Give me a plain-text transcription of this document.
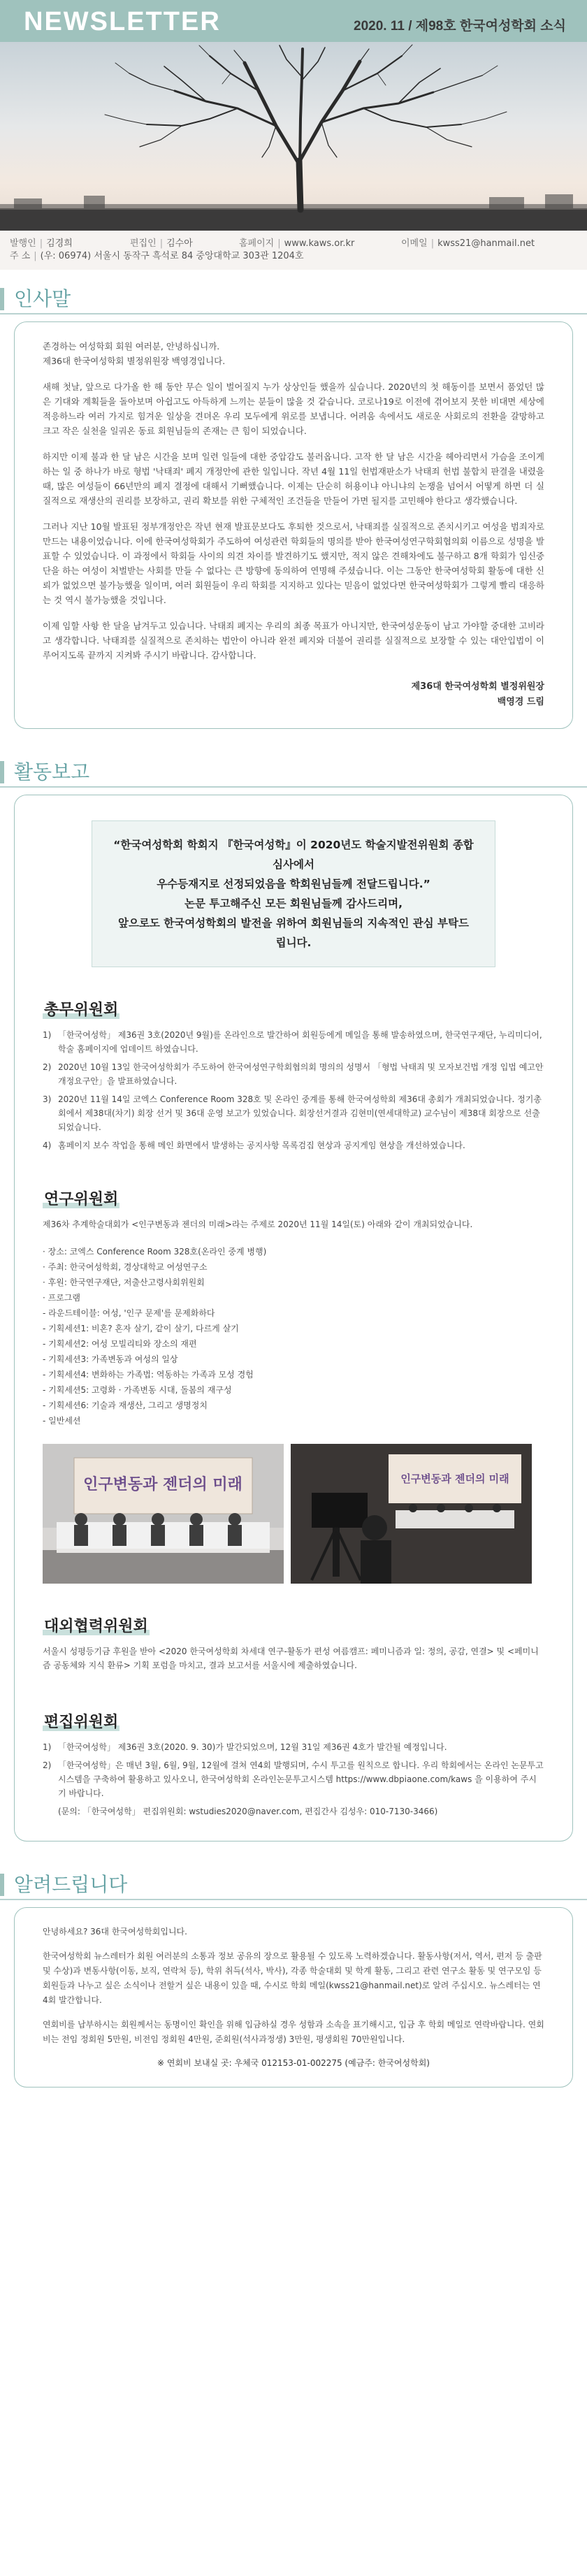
NEWSLETTER	2020. 11 / 제98호 한국여성학회 소식
발행인 | 김경희	편집인 | 김수아	홈페이지 | www.kaws.or.kr	이메일 | kwss21@hanmail.net
주 소 | (우: 06974) 서울시 동작구 흑석로 84 중앙대학교 303관 1204호
인사말

존경하는 여성학회 회원 여러분, 안녕하십니까.

제36대 한국여성학회 별정위원장 백영경입니다.

새해 첫날, 앞으로 다가올 한 해 동안 무슨 일이 벌어질지 누가 상상인들 했을까 싶습니다. 2020년의 첫 해동이를 보면서 품었던 많은 기대와 계획들을 돌아보며 아쉽고도 아득하게 느끼는 분들이 많을 것 같습니다. 코로나19로 이전에 겪어보지 못한 비대면 세상에 적응하느라 여러 가지로 힘겨운 일상을 견뎌온 우리 모두에게 위로를 보냅니다. 어려움 속에서도 새로운 사회로의 전환을 갈망하고 크고 작은 실천을 일궈온 동료 회원님들의 존재는 큰 힘이 되었습니다.

하지만 이제 불과 한 달 남은 시간을 보며 일련 일들에 대한 중압감도 불러옵니다. 고작 한 달 남은 시간을 헤아리면서 가슴을 조이게 하는 일 중 하나가 바로 형법 '낙태죄' 폐지 개정안에 관한 일입니다. 작년 4월 11일 헌법재판소가 낙태죄 헌법 불합치 판결을 내렸을 때, 많은 여성들이 66년만의 폐지 결정에 대해서 기뻐했습니다. 이제는 단순히 허용이냐 아니냐의 논쟁을 넘어서 어떻게 하면 더 실질적으로 재생산의 권리를 보장하고, 권리 확보를 위한 구체적인 조건들을 만들어 가면 될지를 고민해야 한다고 생각했습니다.

그러나 지난 10월 발표된 정부개정안은 작년 현재 발표문보다도 후퇴한 것으로서, 낙태죄를 실질적으로 존치시키고 여성을 범죄자로 만드는 내용이었습니다. 이에 한국여성학회가 주도하여 여성관련 학회들의 명의를 받아 한국여성연구학회협의회 이름으로 성명을 발표할 수 있었습니다. 이 과정에서 학회들 사이의 의견 차이를 발견하기도 했지만, 적지 않은 견해차에도 불구하고 8개 학회가 임신중단을 하는 여성이 처벌받는 사회를 만들 수 없다는 큰 방향에 동의하여 연명해 주셨습니다. 이는 그동안 한국여성학회 활동에 대한 신뢰가 없었으면 불가능했을 일이며, 여러 회원들이 우리 학회를 지지하고 있다는 믿음이 없었다면 한국여성학회가 그렇게 빨리 대응하는 것 역시 불가능했을 것입니다.

이제 임할 사항 한 달을 남겨두고 있습니다. 낙태죄 폐지는 우리의 최종 목표가 아니지만, 한국여성운동이 남고 가야할 중대한 고비라고 생각합니다. 낙태죄를 실질적으로 존치하는 법안이 아니라 완전 폐지와 더불어 권리를 실질적으로 보장할 수 있는 대안입법이 이루어지도록 끝까지 지켜봐 주시기 바랍니다. 감사합니다.

제36대 한국여성학회 별정위원장
백영경 드림
활동보고
“한국여성학회 학회지 『한국여성학』이 2020년도 학술지발전위원회 종합심사에서
우수등재지로 선정되었음을 학회원님들께 전달드립니다.”
논문 투고해주신 모든 회원님들께 감사드리며,
앞으로도 한국여성학회의 발전을 위하여 회원님들의 지속적인 관심 부탁드립니다.
총무위원회
1) 「한국여성학」 제36권 3호(2020년 9월)를 온라인으로 발간하여 회원등에게 메일을 통해 발송하였으며, 한국연구재단, 누리미디어, 학술 홈페이지에 업데이트 하였습니다.
2) 2020년 10월 13일 한국여성학회가 주도하여 한국여성연구학회협의회 명의의 성명서 「형법 낙태죄 및 모자보건법 개정 입법 예고안 개정요구안」을 발표하였습니다.
3) 2020년 11월 14일 코엑스 Conference Room 328호 및 온라인 중계를 통해 한국여성학회 제36대 총회가 개최되었습니다. 정기총회에서 제38대(차기) 회장 선거 및 36대 운영 보고가 있었습니다. 회장선거결과 김현미(연세대학교) 교수님이 제38대 회장으로 선출되었습니다.
4) 홈페이지 보수 작업을 통해 메인 화면에서 발생하는 공지사항 목록검집 현상과 공지게임 현상을 개선하였습니다.
연구위원회
제36차 추계학술대회가 <인구변동과 젠더의 미래>라는 주제로 2020년 11월 14일(토) 아래와 같이 개최되었습니다.
· 장소: 코엑스 Conference Room 328호(온라인 중계 병행)
· 주최: 한국여성학회, 경상대학교 여성연구소
· 후원: 한국연구재단, 저출산고령사회위원회
· 프로그램
- 라운드테이블: 여성, '인구 문제'를 문제화하다
- 기획세션1: 비혼? 혼자 살기, 같이 살기, 다르게 살기
- 기획세션2: 여성 모빌리티와 장소의 재편
- 기획세션3: 가족변동과 여성의 일상
- 기획세션4: 변화하는 가족법: 역동하는 가족과 모성 경험
- 기획세션5: 고령화 · 가족변동 시대, 돌봄의 재구성
- 기획세션6: 기술과 재생산, 그리고 생명정치
- 일반세션
인구변동과 젠더의 미래	인구변동과 젠더의 미래
대외협력위원회
서울시 성평등기금 후원을 받아 <2020 한국여성학회 차세대 연구-활동가 편성 여름캠프: 페미니즘과 일: 정의, 공감, 연결> 및 <페미니즘 공동체와 지식 환류> 기획 포럼을 마치고, 결과 보고서를 서울시에 제출하였습니다.
편집위원회
1) 「한국여성학」 제36권 3호(2020. 9. 30)가 발간되었으며, 12월 31일 제36권 4호가 발간될 예정입니다.
2) 「한국여성학」은 매년 3월, 6월, 9월, 12월에 걸쳐 연4회 발행되며, 수시 투고를 원칙으로 합니다. 우리 학회에서는 온라인 논문투고시스템을 구축하여 활용하고 있사오니, 한국여성학회 온라인논문투고시스템 https://www.dbpiaone.com/kaws 을 이용하여 주시기 바랍니다.
(문의: 「한국여성학」 편집위원회: wstudies2020@naver.com, 편집간사 김성우: 010-7130-3466)
알려드립니다

안녕하세요? 36대 한국여성학회입니다.

한국여성학회 뉴스레터가 회원 여러분의 소통과 정보 공유의 장으로 활용될 수 있도록 노력하겠습니다. 활동사항(저서, 역서, 편저 등 출판 및 수상)과 변동사항(이동, 보직, 연락처 등), 학위 취득(석사, 박사), 각종 학술대회 및 학계 활동, 그리고 관련 연구소 활동 및 연구모임 등 회원들과 나누고 싶은 소식이나 전할거 싶은 내용이 있을 때, 수시로 학회 메일(kwss21@hanmail.net)로 알려 주십시오. 뉴스레터는 연 4회 발간합니다.

연회비를 납부하시는 회원께서는 동명이인 확인을 위해 입금하실 경우 성함과 소속을 표기해시고, 입금 후 학회 메일로 연락바랍니다. 연회비는 전임 정회원 5만원, 비전임 정회원 4만원, 준회원(석사과정생) 3만원, 평생회원 70만원입니다.

※ 연회비 보내실 곳: 우체국 012153-01-002275 (예금주: 한국여성학회)
